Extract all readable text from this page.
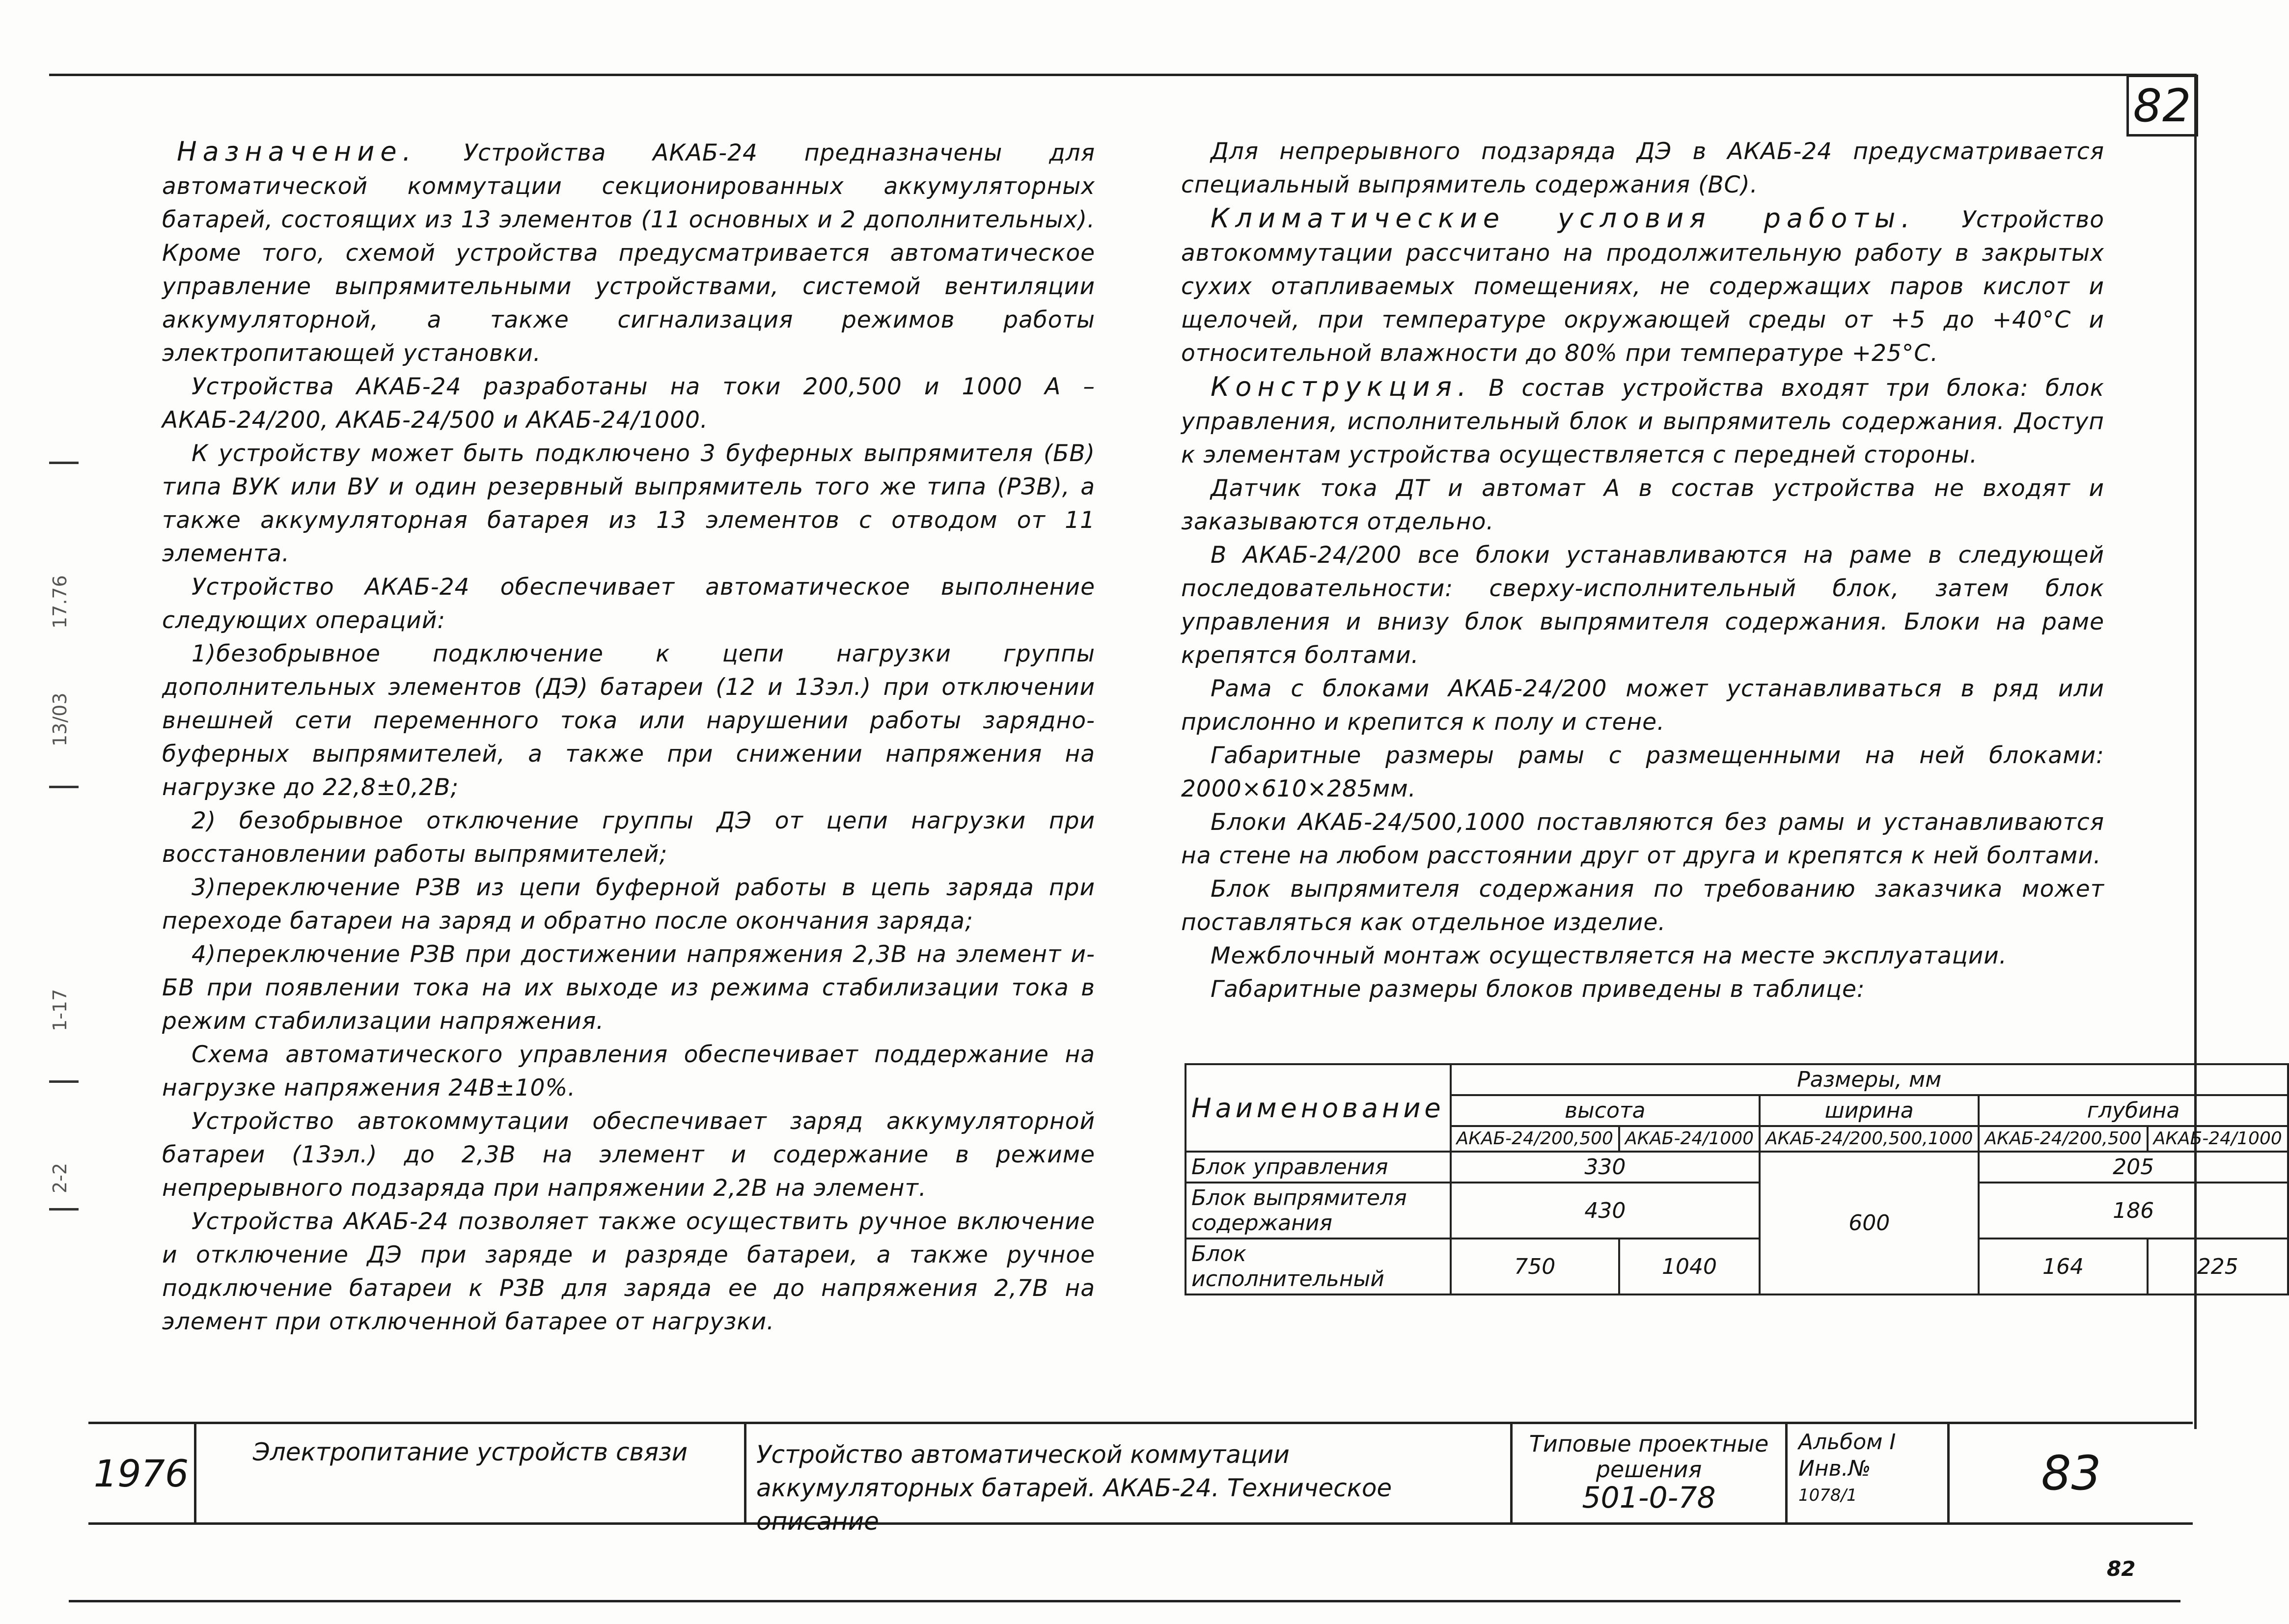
82
13/03
17.76
1-17
2-2

Назначение. Устройства АКАБ-24 предназначены для автоматической коммутации секционированных аккумуляторных батарей, состоящих из 13 элементов (11 основных и 2 дополнительных). Кроме того, схемой устройства предусматривается автоматическое управление выпрямительными устройствами, системой вентиляции аккумуляторной, а также сигнализация режимов работы электропитающей установки.

Устройства АКАБ-24 разработаны на токи 200,500 и 1000 А – АКАБ-24/200, АКАБ-24/500 и АКАБ-24/1000.

К устройству может быть подключено 3 буферных выпрямителя (БВ) типа ВУК или ВУ и один резервный выпрямитель того же типа (РЗВ), а также аккумуляторная батарея из 13 элементов с отводом от 11 элемента.

Устройство АКАБ-24 обеспечивает автоматическое выполнение следующих операций:

1)безобрывное подключение к цепи нагрузки группы дополнительных элементов (ДЭ) батареи (12 и 13эл.) при отключении внешней сети переменного тока или нарушении работы зарядно-буферных выпрямителей, а также при снижении напряжения на нагрузке до 22,8±0,2В;

2) безобрывное отключение группы ДЭ от цепи нагрузки при восстановлении работы выпрямителей;

3)переключение РЗВ из цепи буферной работы в цепь заряда при переходе батареи на заряд и обратно после окончания заряда;

4)переключение РЗВ при достижении напряжения 2,3В на элемент и-БВ при появлении тока на их выходе из режима стабилизации тока в режим стабилизации напряжения.

Схема автоматического управления обеспечивает поддержание на нагрузке напряжения 24В±10%.

Устройство автокоммутации обеспечивает заряд аккумуляторной батареи (13эл.) до 2,3В на элемент и содержание в режиме непрерывного подзаряда при напряжении 2,2В на элемент.

Устройства АКАБ-24 позволяет также осуществить ручное включение и отключение ДЭ при заряде и разряде батареи, а также ручное подключение батареи к РЗВ для заряда ее до напряжения 2,7В на элемент при отключенной батарее от нагрузки.

Для непрерывного подзаряда ДЭ в АКАБ-24 предусматривается специальный выпрямитель содержания (ВС).

Климатические условия работы. Устройство автокоммутации рассчитано на продолжительную работу в закрытых сухих отапливаемых помещениях, не содержащих паров кислот и щелочей, при температуре окружающей среды от +5 до +40°С и относительной влажности до 80% при температуре +25°С.

Конструкция. В состав устройства входят три блока: блок управления, исполнительный блок и выпрямитель содержания. Доступ к элементам устройства осуществляется с передней стороны.

Датчик тока ДТ и автомат А в состав устройства не входят и заказываются отдельно.

В АКАБ-24/200 все блоки устанавливаются на раме в следующей последовательности: сверху-исполнительный блок, затем блок управления и внизу блок выпрямителя содержания. Блоки на раме крепятся болтами.

Рама с блоками АКАБ-24/200 может устанавливаться в ряд или прислонно и крепится к полу и стене.

Габаритные размеры рамы с размещенными на ней блоками: 2000×610×285мм.

Блоки АКАБ-24/500,1000 поставляются без рамы и устанавливаются на стене на любом расстоянии друг от друга и крепятся к ней болтами.

Блок выпрямителя содержания по требованию заказчика может поставляться как отдельное изделие.

Межблочный монтаж осуществляется на месте эксплуатации.

Габаритные размеры блоков приведены в таблице:

Наименование	Размеры, мм				
	высота		ширина	глубина	
	АКАБ-24/200,500	АКАБ-24/1000	АКАБ-24/200,500,1000	АКАБ-24/200,500	АКАБ-24/1000
Блок управления	330		600	205	
Блок выпрямителя содержания	430			186	
Блок исполнительный	750	1040		164	225
1976	Электропитание устройств связи	Устройство автоматической коммутации аккумуляторных батарей. АКАБ-24. Техническое описание
Типовые проектные решения
501-0-78
Альбом I
Инв.№
1078/1	83
82
